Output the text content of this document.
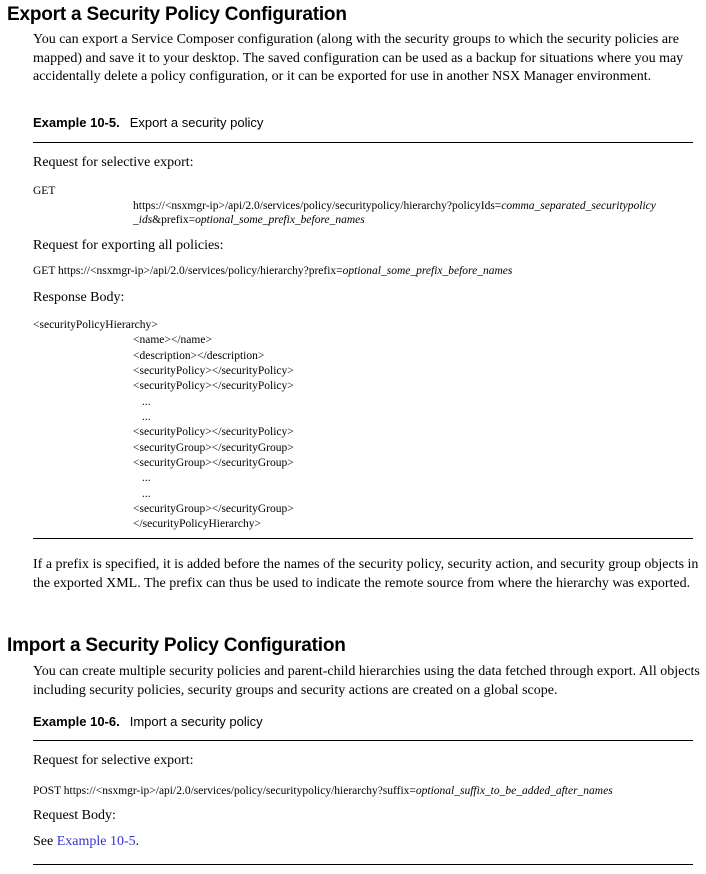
Export a Security Policy Configuration
You can export a Service Composer configuration (along with the security groups to which the security policies are mapped) and save it to your desktop. The saved configuration can be used as a backup for situations where you may accidentally delete a policy configuration, or it can be exported for use in another NSX Manager environment.
Example 10-5. Export a security policy
Request for selective export:
GET
https://<nsxmgr-ip>/api/2.0/services/policy/securitypolicy/hierarchy?policyIds=comma_separated_securitypolicy
_ids&prefix=optional_some_prefix_before_names
Request for exporting all policies:
GET https://<nsxmgr-ip>/api/2.0/services/policy/hierarchy?prefix=optional_some_prefix_before_names
Response Body:
<securityPolicyHierarchy>
<name></name>
<description></description>
<securityPolicy></securityPolicy>
<securityPolicy></securityPolicy>
...
...
<securityPolicy></securityPolicy>
<securityGroup></securityGroup>
<securityGroup></securityGroup>
...
...
<securityGroup></securityGroup>
</securityPolicyHierarchy>
If a prefix is specified, it is added before the names of the security policy, security action, and security group objects in the exported XML. The prefix can thus be used to indicate the remote source from where the hierarchy was exported.
Import a Security Policy Configuration
You can create multiple security policies and parent-child hierarchies using the data fetched through export. All objects including security policies, security groups and security actions are created on a global scope.
Example 10-6. Import a security policy
Request for selective export:
POST https://<nsxmgr-ip>/api/2.0/services/policy/securitypolicy/hierarchy?suffix=optional_suffix_to_be_added_after_names
Request Body:
See Example 10-5.
